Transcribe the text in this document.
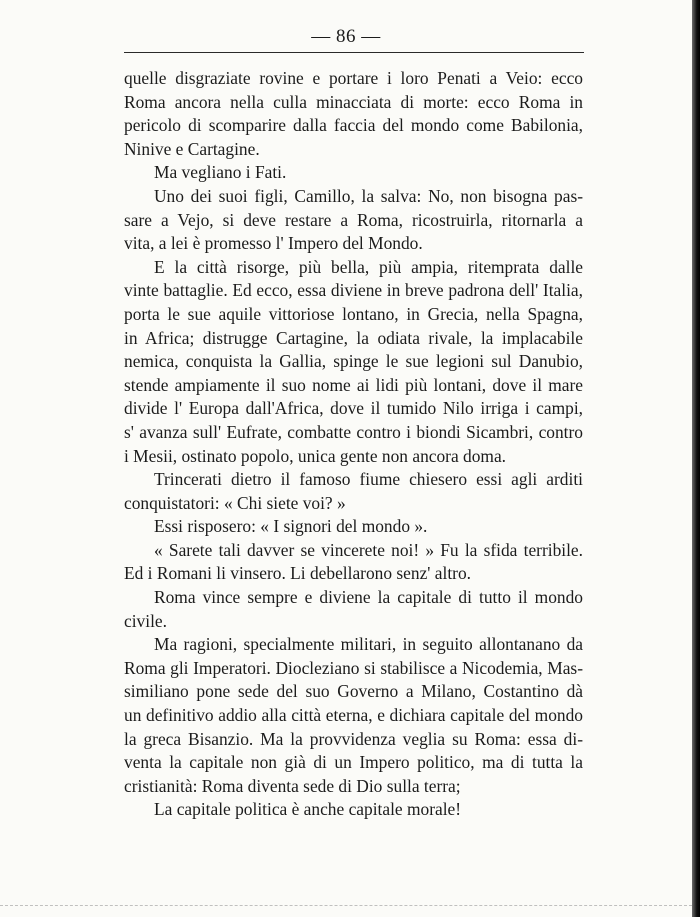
— 86 —
quelle disgraziate rovine e portare i loro Penati a Veio: ecco
Roma ancora nella culla minacciata di morte: ecco Roma in
pericolo di scomparire dalla faccia del mondo come Babilonia,
Ninive e Cartagine.
Ma vegliano i Fati.
Uno dei suoi figli, Camillo, la salva: No, non bisogna pas-
sare a Vejo, si deve restare a Roma, ricostruirla, ritornarla a
vita, a lei è promesso l' Impero del Mondo.
E la città risorge, più bella, più ampia, ritemprata dalle
vinte battaglie. Ed ecco, essa diviene in breve padrona dell' Italia,
porta le sue aquile vittoriose lontano, in Grecia, nella Spagna,
in Africa; distrugge Cartagine, la odiata rivale, la implacabile
nemica, conquista la Gallia, spinge le sue legioni sul Danubio,
stende ampiamente il suo nome ai lidi più lontani, dove il mare
divide l' Europa dall'Africa, dove il tumido Nilo irriga i campi,
s' avanza sull' Eufrate, combatte contro i biondi Sicambri, contro
i Mesii, ostinato popolo, unica gente non ancora doma.
Trincerati dietro il famoso fiume chiesero essi agli arditi
conquistatori: « Chi siete voi? »
Essi risposero: « I signori del mondo ».
« Sarete tali davver se vincerete noi! » Fu la sfida terribile.
Ed i Romani li vinsero. Li debellarono senz' altro.
Roma vince sempre e diviene la capitale di tutto il mondo
civile.
Ma ragioni, specialmente militari, in seguito allontanano da
Roma gli Imperatori. Diocleziano si stabilisce a Nicodemia, Mas-
similiano pone sede del suo Governo a Milano, Costantino dà
un definitivo addio alla città eterna, e dichiara capitale del mondo
la greca Bisanzio. Ma la provvidenza veglia su Roma: essa di-
venta la capitale non già di un Impero politico, ma di tutta la
cristianità: Roma diventa sede di Dio sulla terra;
La capitale politica è anche capitale morale!
